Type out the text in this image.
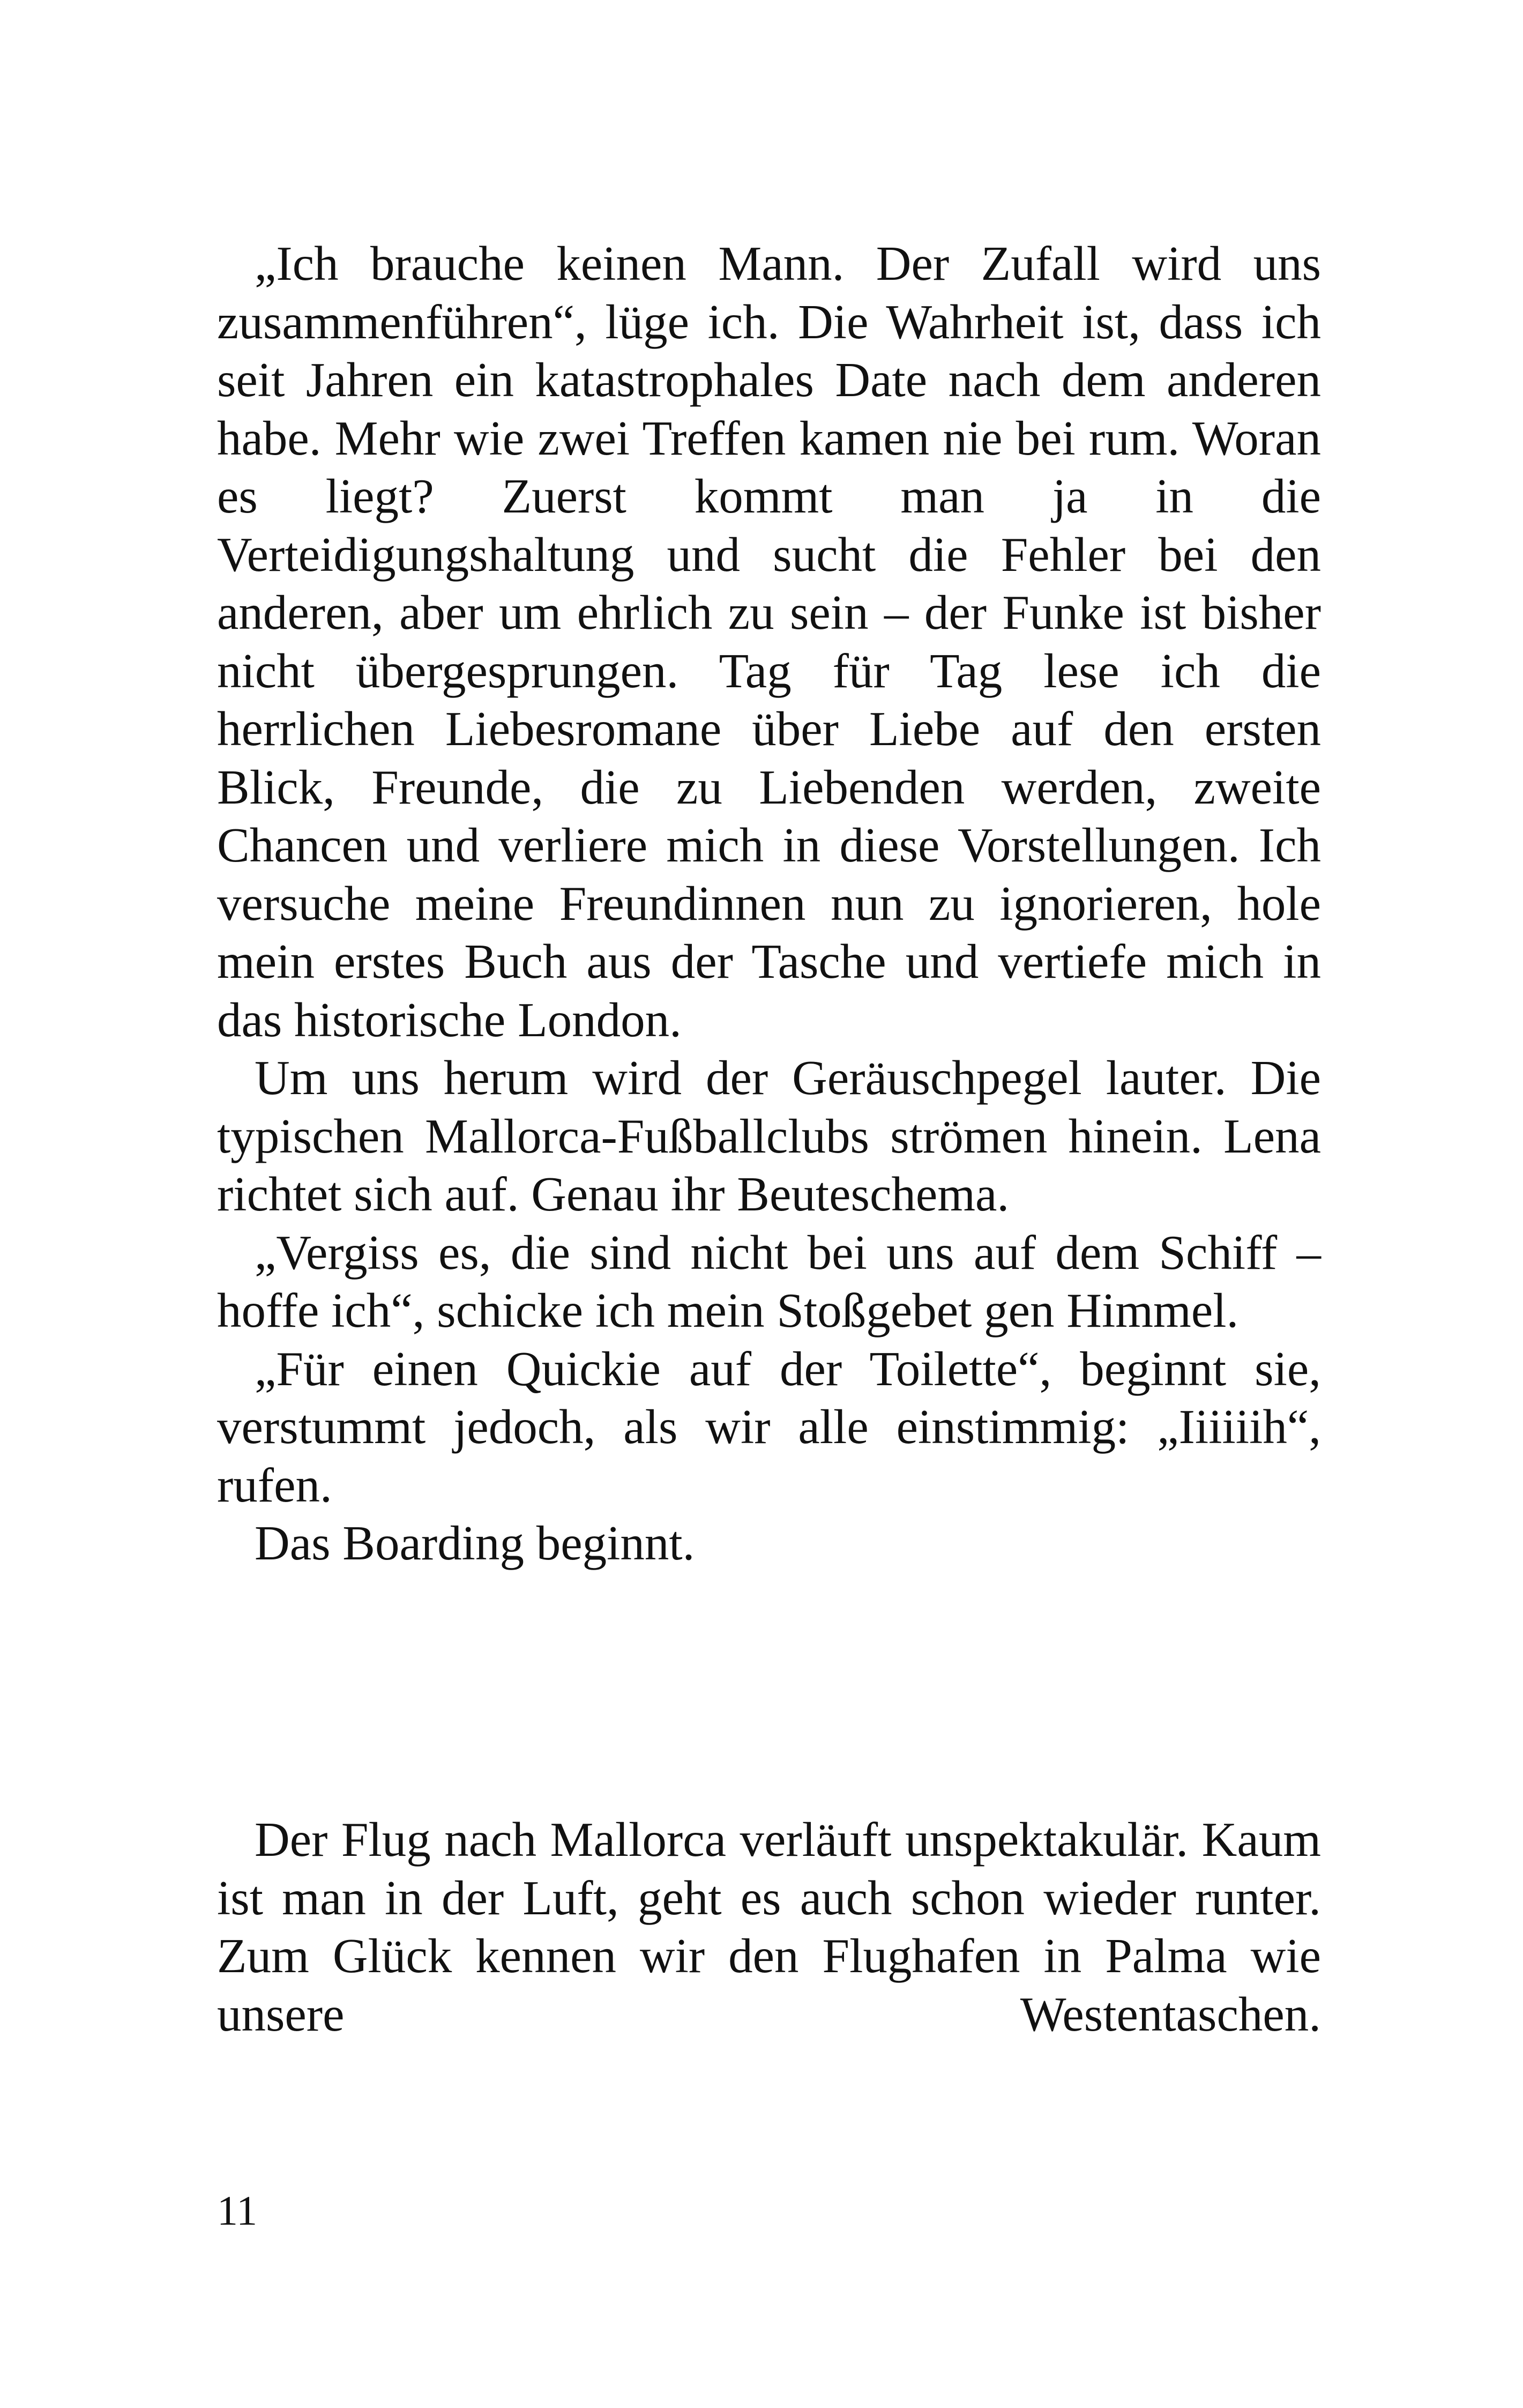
„Ich brauche keinen Mann. Der Zufall wird uns zusammenführen“, lüge ich. Die Wahrheit ist, dass ich seit Jahren ein katastrophales Date nach dem anderen habe. Mehr wie zwei Treffen kamen nie bei rum. Woran es liegt? Zuerst kommt man ja in die Verteidigungshaltung und sucht die Fehler bei den anderen, aber um ehrlich zu sein – der Funke ist bisher nicht übergesprungen. Tag für Tag lese ich die herrlichen Liebesromane über Liebe auf den ersten Blick, Freunde, die zu Liebenden werden, zweite Chancen und verliere mich in diese Vorstellungen. Ich versuche meine Freundinnen nun zu ignorieren, hole mein erstes Buch aus der Tasche und vertiefe mich in das historische London.

Um uns herum wird der Geräuschpegel lauter. Die typischen Mallorca-Fußballclubs strömen hinein. Lena richtet sich auf. Genau ihr Beuteschema.

„Vergiss es, die sind nicht bei uns auf dem Schiff – hoffe ich“, schicke ich mein Stoßgebet gen Himmel.

„Für einen Quickie auf der Toilette“, beginnt sie, verstummt jedoch, als wir alle einstimmig: „Iiiiiih“, rufen.

Das Boarding beginnt.

Der Flug nach Mallorca verläuft unspektakulär. Kaum ist man in der Luft, geht es auch schon wieder runter. Zum Glück kennen wir den Flughafen in Palma wie unsere Westentaschen.

11
